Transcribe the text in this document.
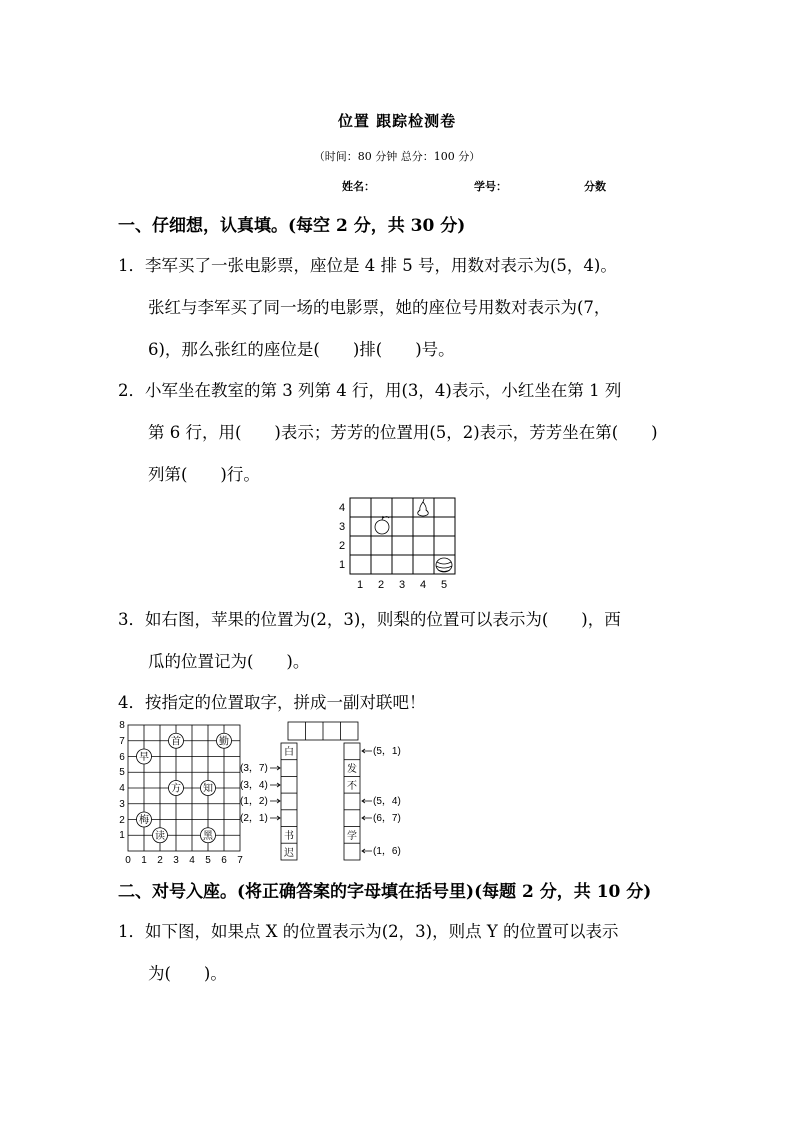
位置 跟踪检测卷
（时间：80 分钟 总分：100 分）
姓名：	学号：	分数
一、仔细想，认真填。(每空 2 分，共 30 分)
1．李军买了一张电影票，座位是 4 排 5 号，用数对表示为(5，4)。
张红与李军买了同一场的电影票，她的座位号用数对表示为(7，
6)，那么张红的座位是(　　)排(　　)号。
2．小军坐在教室的第 3 列第 4 行，用(3，4)表示，小红坐在第 1 列
第 6 行，用(　　)表示；芳芳的位置用(5，2)表示，芳芳坐在第(　　)
列第(　　)行。
4
3
2
1
1 2 3 4 5
3．如右图，苹果的位置为(2，3)，则梨的位置可以表示为(　　)，西
瓜的位置记为(　　)。
4．按指定的位置取字，拼成一副对联吧！
8
7
6
5
4
3
2
1
0 1 2 3 4 5 6 7
首	勤
早
方 知
梅
读	黑
白
书
迟
发
不
学
(3，7)
(3，4)
(1，2)
(2，1)
(5，1)
(5，4)
(6，7)
(1，6)
二、对号入座。(将正确答案的字母填在括号里)(每题 2 分，共 10 分)
1．如下图，如果点 X 的位置表示为(2，3)，则点 Y 的位置可以表示
为(　　)。
